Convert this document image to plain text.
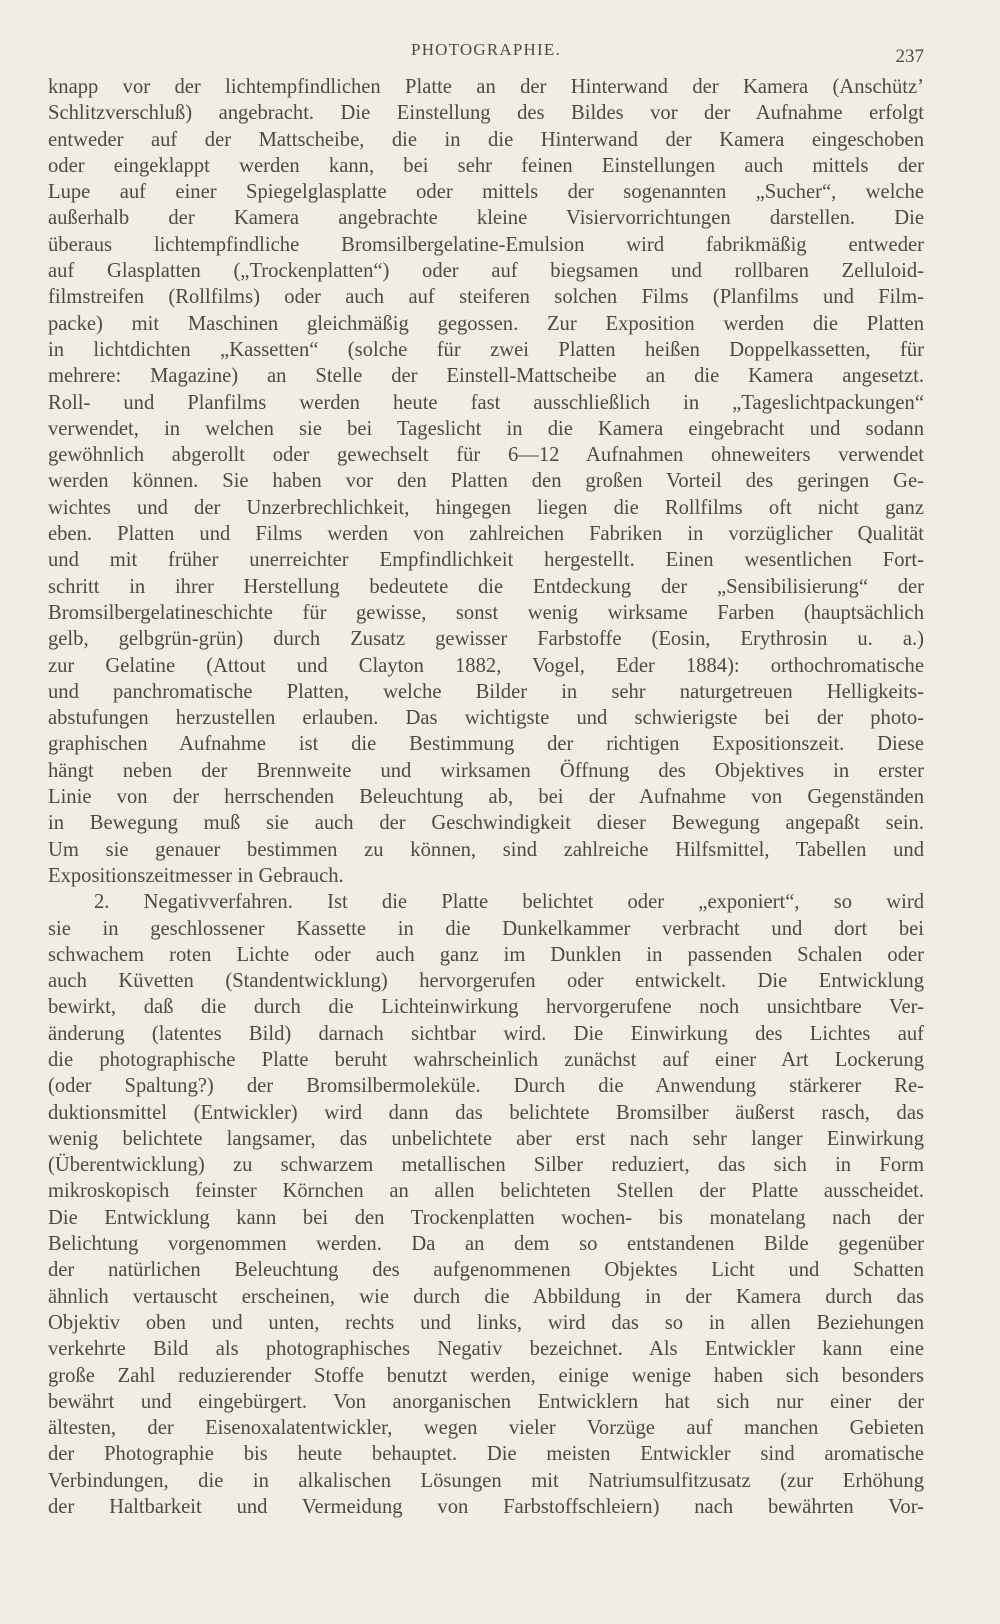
PHOTOGRAPHIE.	237
knapp vor der lichtempfindlichen Platte an der Hinterwand der Kamera (Anschütz’
Schlitzverschluß) angebracht. Die Einstellung des Bildes vor der Aufnahme erfolgt
entweder auf der Mattscheibe, die in die Hinterwand der Kamera eingeschoben
oder eingeklappt werden kann, bei sehr feinen Einstellungen auch mittels der
Lupe auf einer Spiegelglasplatte oder mittels der sogenannten „Sucher“, welche
außerhalb der Kamera angebrachte kleine Visiervorrichtungen darstellen. Die
überaus lichtempfindliche Bromsilbergelatine-Emulsion wird fabrikmäßig entweder
auf Glasplatten („Trockenplatten“) oder auf biegsamen und rollbaren Zelluloid-
filmstreifen (Rollfilms) oder auch auf steiferen solchen Films (Planfilms und Film-
packe) mit Maschinen gleichmäßig gegossen. Zur Exposition werden die Platten
in lichtdichten „Kassetten“ (solche für zwei Platten heißen Doppelkassetten, für
mehrere: Magazine) an Stelle der Einstell-Mattscheibe an die Kamera angesetzt.
Roll- und Planfilms werden heute fast ausschließlich in „Tageslichtpackungen“
verwendet, in welchen sie bei Tageslicht in die Kamera eingebracht und sodann
gewöhnlich abgerollt oder gewechselt für 6—12 Aufnahmen ohneweiters verwendet
werden können. Sie haben vor den Platten den großen Vorteil des geringen Ge-
wichtes und der Unzerbrechlichkeit, hingegen liegen die Rollfilms oft nicht ganz
eben. Platten und Films werden von zahlreichen Fabriken in vorzüglicher Qualität
und mit früher unerreichter Empfindlichkeit hergestellt. Einen wesentlichen Fort-
schritt in ihrer Herstellung bedeutete die Entdeckung der „Sensibilisierung“ der
Bromsilbergelatineschichte für gewisse, sonst wenig wirksame Farben (hauptsächlich
gelb, gelbgrün-grün) durch Zusatz gewisser Farbstoffe (Eosin, Erythrosin u. a.)
zur Gelatine (Attout und Clayton 1882, Vogel, Eder 1884): orthochromatische
und panchromatische Platten, welche Bilder in sehr naturgetreuen Helligkeits-
abstufungen herzustellen erlauben. Das wichtigste und schwierigste bei der photo-
graphischen Aufnahme ist die Bestimmung der richtigen Expositionszeit. Diese
hängt neben der Brennweite und wirksamen Öffnung des Objektives in erster
Linie von der herrschenden Beleuchtung ab, bei der Aufnahme von Gegenständen
in Bewegung muß sie auch der Geschwindigkeit dieser Bewegung angepaßt sein.
Um sie genauer bestimmen zu können, sind zahlreiche Hilfsmittel, Tabellen und
Expositionszeitmesser in Gebrauch.
2. Negativverfahren. Ist die Platte belichtet oder „exponiert“, so wird
sie in geschlossener Kassette in die Dunkelkammer verbracht und dort bei
schwachem roten Lichte oder auch ganz im Dunklen in passenden Schalen oder
auch Küvetten (Standentwicklung) hervorgerufen oder entwickelt. Die Entwicklung
bewirkt, daß die durch die Lichteinwirkung hervorgerufene noch unsichtbare Ver-
änderung (latentes Bild) darnach sichtbar wird. Die Einwirkung des Lichtes auf
die photographische Platte beruht wahrscheinlich zunächst auf einer Art Lockerung
(oder Spaltung?) der Bromsilbermoleküle. Durch die Anwendung stärkerer Re-
duktionsmittel (Entwickler) wird dann das belichtete Bromsilber äußerst rasch, das
wenig belichtete langsamer, das unbelichtete aber erst nach sehr langer Einwirkung
(Überentwicklung) zu schwarzem metallischen Silber reduziert, das sich in Form
mikroskopisch feinster Körnchen an allen belichteten Stellen der Platte ausscheidet.
Die Entwicklung kann bei den Trockenplatten wochen- bis monatelang nach der
Belichtung vorgenommen werden. Da an dem so entstandenen Bilde gegenüber
der natürlichen Beleuchtung des aufgenommenen Objektes Licht und Schatten
ähnlich vertauscht erscheinen, wie durch die Abbildung in der Kamera durch das
Objektiv oben und unten, rechts und links, wird das so in allen Beziehungen
verkehrte Bild als photographisches Negativ bezeichnet. Als Entwickler kann eine
große Zahl reduzierender Stoffe benutzt werden, einige wenige haben sich besonders
bewährt und eingebürgert. Von anorganischen Entwicklern hat sich nur einer der
ältesten, der Eisenoxalatentwickler, wegen vieler Vorzüge auf manchen Gebieten
der Photographie bis heute behauptet. Die meisten Entwickler sind aromatische
Verbindungen, die in alkalischen Lösungen mit Natriumsulfitzusatz (zur Erhöhung
der Haltbarkeit und Vermeidung von Farbstoffschleiern) nach bewährten Vor-
